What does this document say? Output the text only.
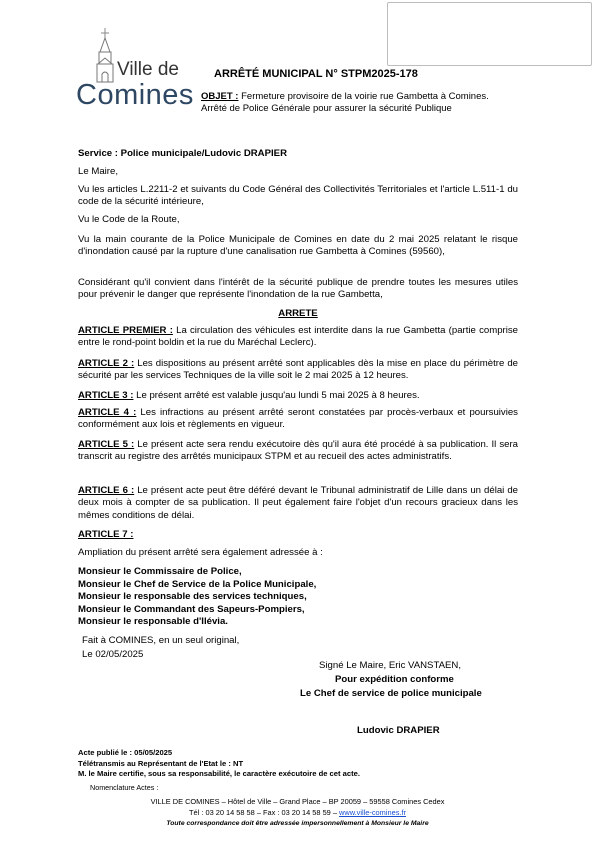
Ville de
Comines
ARRÊTÉ MUNICIPAL N° STPM2025-178
OBJET : Fermeture provisoire de la voirie rue Gambetta à Comines.
Arrêté de Police Générale pour assurer la sécurité Publique
Service : Police municipale/Ludovic DRAPIER
Le Maire,
Vu les articles L.2211-2 et suivants du Code Général des Collectivités Territoriales et l'article L.511-1 du code de la sécurité intérieure,
Vu le Code de la Route,
Vu la main courante de la Police Municipale de Comines en date du 2 mai 2025 relatant le risque d'inondation causé par la rupture d'une canalisation rue Gambetta à Comines (59560),
Considérant qu'il convient dans l'intérêt de la sécurité publique de prendre toutes les mesures utiles pour prévenir le danger que représente l'inondation de la rue Gambetta,
ARRETE
ARTICLE PREMIER : La circulation des véhicules est interdite dans la rue Gambetta (partie comprise entre le rond-point boldin et la rue du Maréchal Leclerc).
ARTICLE 2 : Les dispositions au présent arrêté sont applicables dès la mise en place du périmètre de sécurité par les services Techniques de la ville soit le 2 mai 2025 à 12 heures.
ARTICLE 3 : Le présent arrêté est valable jusqu'au lundi 5 mai 2025 à 8 heures.
ARTICLE 4 : Les infractions au présent arrêté seront constatées par procès-verbaux et poursuivies conformément aux lois et règlements en vigueur.
ARTICLE 5 : Le présent acte sera rendu exécutoire dès qu'il aura été procédé à sa publication. Il sera transcrit au registre des arrêtés municipaux STPM et au recueil des actes administratifs.
ARTICLE 6 : Le présent acte peut être déféré devant le Tribunal administratif de Lille dans un délai de deux mois à compter de sa publication. Il peut également faire l'objet d'un recours gracieux dans les mêmes conditions de délai.
ARTICLE 7 :
Ampliation du présent arrêté sera également adressée à :
Monsieur le Commissaire de Police,
Monsieur le Chef de Service de la Police Municipale,
Monsieur le responsable des services techniques,
Monsieur le Commandant des Sapeurs-Pompiers,
Monsieur le responsable d'Ilévia.
Fait à COMINES, en un seul original,
Le 02/05/2025
Signé Le Maire, Eric VANSTAEN,
Pour expédition conforme
Le Chef de service de police municipale
Ludovic DRAPIER
Acte publié le : 05/05/2025
Télétransmis au Représentant de l'Etat le : NT
M. le Maire certifie, sous sa responsabilité, le caractère exécutoire de cet acte.
Nomenclature Actes :
VILLE DE COMINES – Hôtel de Ville – Grand Place – BP 20059 – 59558 Comines Cedex
Tél : 03 20 14 58 58 – Fax : 03 20 14 58 59 – www.ville-comines.fr
Toute correspondance doit être adressée impersonnellement à Monsieur le Maire
